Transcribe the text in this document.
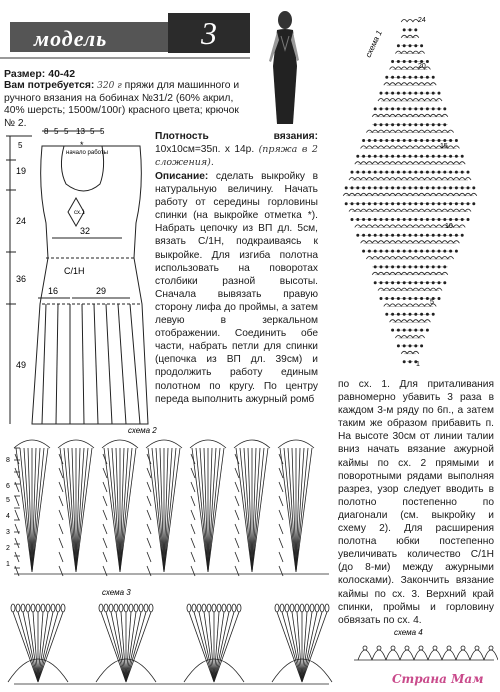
модель	3
Размер: 40-42
Вам потребуется: 320 г пряжи для машинного и ручного вязания на бобинах №31/2 (60% акрил, 40% шерсть; 1500м/100г) красного цвета; крючок № 2.
Плотность вязания: 10х10см=35п. х 14р. (пряжа в 2 сложения).
Описание: сделать выкройку в натуральную величину. Начать работу от середины горловины спинки (на выкройке отметка *). Набрать цепочку из ВП дл. 5см, вязать С/1Н, подкраиваясь к выкройке. Для изгиба полотна использовать на поворотах столбики разной высоты. Сначала вывязать правую сторону лифа до проймы, а затем левую в зеркальном отображении. Соединить обе части, набрать петли для спинки (цепочка из ВП дл. 39см) и продолжить работу единым полотном по кругу. По центру переда выполнить ажурный ромб
по сх. 1. Для приталивания равномерно убавить 3 раза в каждом 3-м ряду по 6п., а затем таким же образом прибавить п. На высоте 30см от линии талии вниз начать вязание ажурной каймы по сх. 2 прямыми и поворотными рядами выполняя разрез, узор следует вводить в полотно постепенно по диагонали (см. выкройку и схему 2). Для расширения полотна юбки постепенно увеличивать количество С/1Н (до 8-ми) между ажурными колосками). Закончить вязание каймы по сх. 3. Верхний край спинки, проймы и горловину обвязать по сх. 4.
8 5 5 13 5 5
5
19
24
36
49
32
16	29
С/1Н
начало работы
сх.1
*
схема 1
24
20
15
10
5
1
схема 2
8
6
5
4
3
2
1
схема 3
схема 4
Страна Мам
